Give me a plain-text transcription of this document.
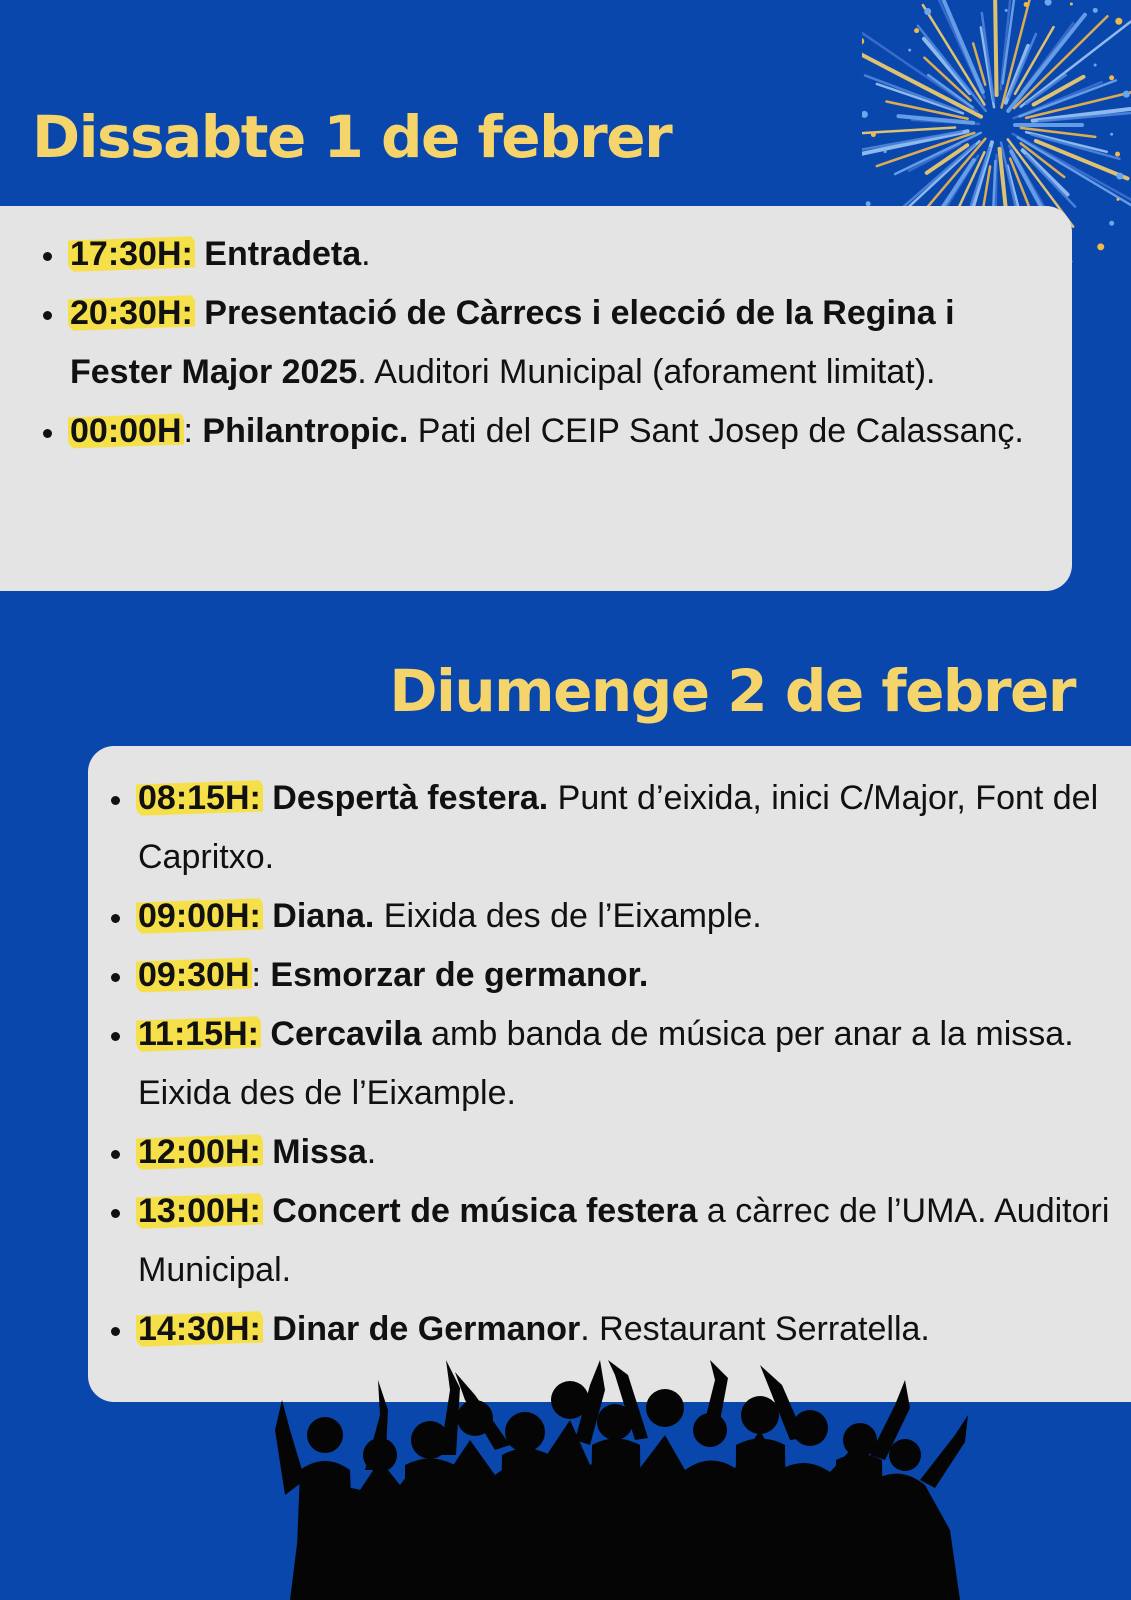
Dissabte 1 de febrer
17:30H: Entradeta.
20:30H: Presentació de Càrrecs i elecció de la Regina i Fester Major 2025. Auditori Municipal (aforament limitat).
00:00H: Philantropic. Pati del CEIP Sant Josep de Calassanç.
Diumenge 2 de febrer
08:15H: Despertà festera. Punt d’eixida, inici C/Major, Font del Capritxo.
09:00H: Diana. Eixida des de l’Eixample.
09:30H: Esmorzar de germanor.
11:15H: Cercavila amb banda de música per anar a la missa. Eixida des de l’Eixample.
12:00H: Missa.
13:00H: Concert de música festera a càrrec de l’UMA. Auditori Municipal.
14:30H: Dinar de Germanor. Restaurant Serratella.
